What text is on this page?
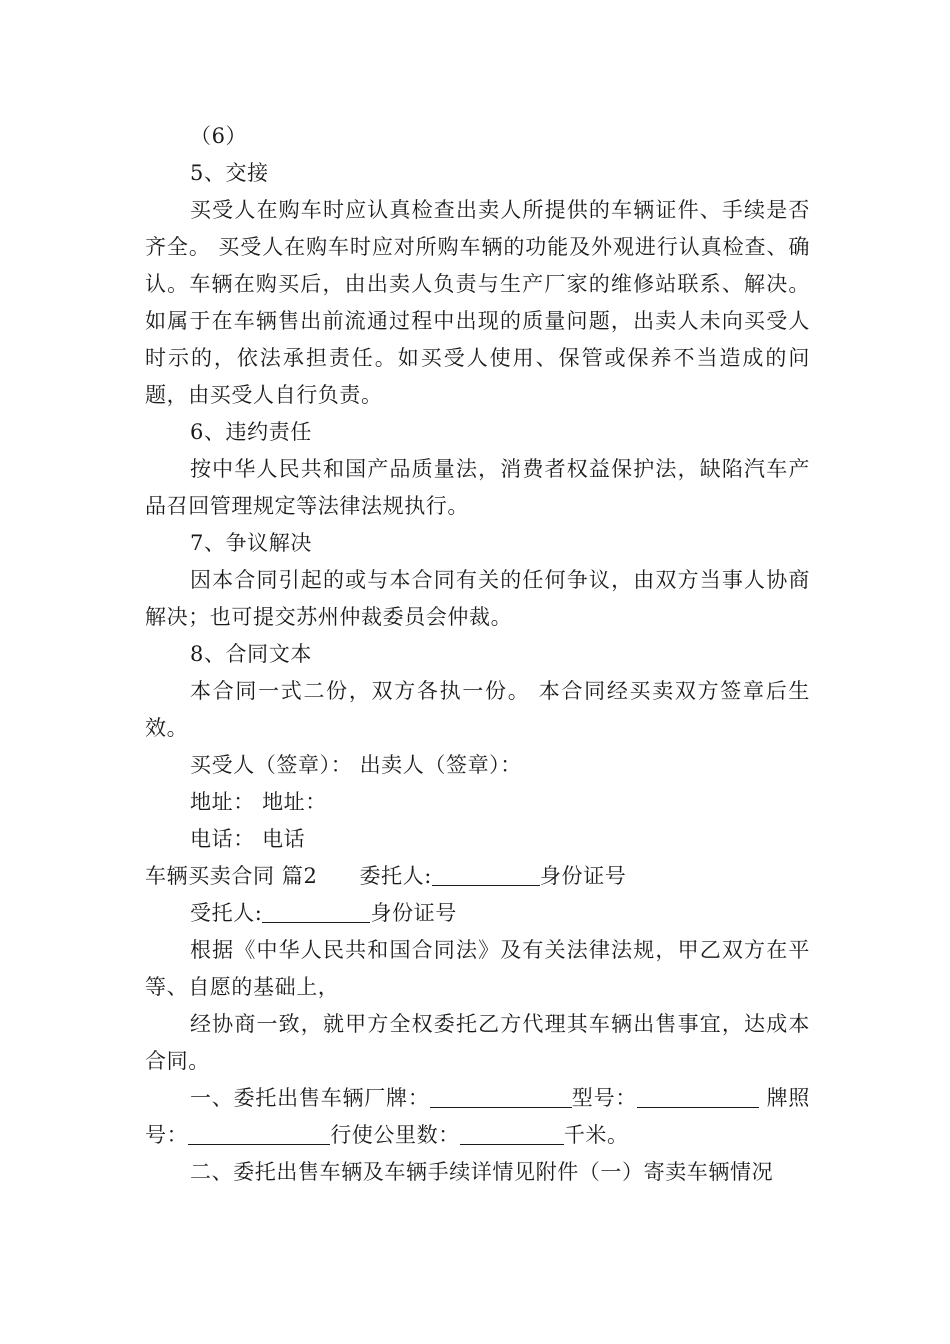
（6）

5、交接

买受人在购车时应认真检查出卖人所提供的车辆证件、手续是否齐全。 买受人在购车时应对所购车辆的功能及外观进行认真检查、确认。车辆在购买后，由出卖人负责与生产厂家的维修站联系、解决。 如属于在车辆售出前流通过程中出现的质量问题，出卖人未向买受人时示的，依法承担责任。如买受人使用、保管或保养不当造成的问题，由买受人自行负责。

6、违约责任

按中华人民共和国产品质量法，消费者权益保护法，缺陷汽车产品召回管理规定等法律法规执行。

7、争议解决

因本合同引起的或与本合同有关的任何争议，由双方当事人协商解决；也可提交苏州仲裁委员会仲裁。

8、合同文本

本合同一式二份，双方各执一份。 本合同经买卖双方签章后生效。

买受人（签章）： 出卖人（签章）：

地址： 地址：

电话： 电话

车辆买卖合同 篇2 委托人:	身份证号

受托人:	身份证号

根据《中华人民共和国合同法》及有关法律法规，甲乙双方在平等、自愿的基础上，

经协商一致，就甲方全权委托乙方代理其车辆出售事宜，达成本合同。

一、委托出售车辆厂牌：	型号：	牌照号：	行使公里数：	千米。

二、委托出售车辆及车辆手续详情见附件（一）寄卖车辆情况
